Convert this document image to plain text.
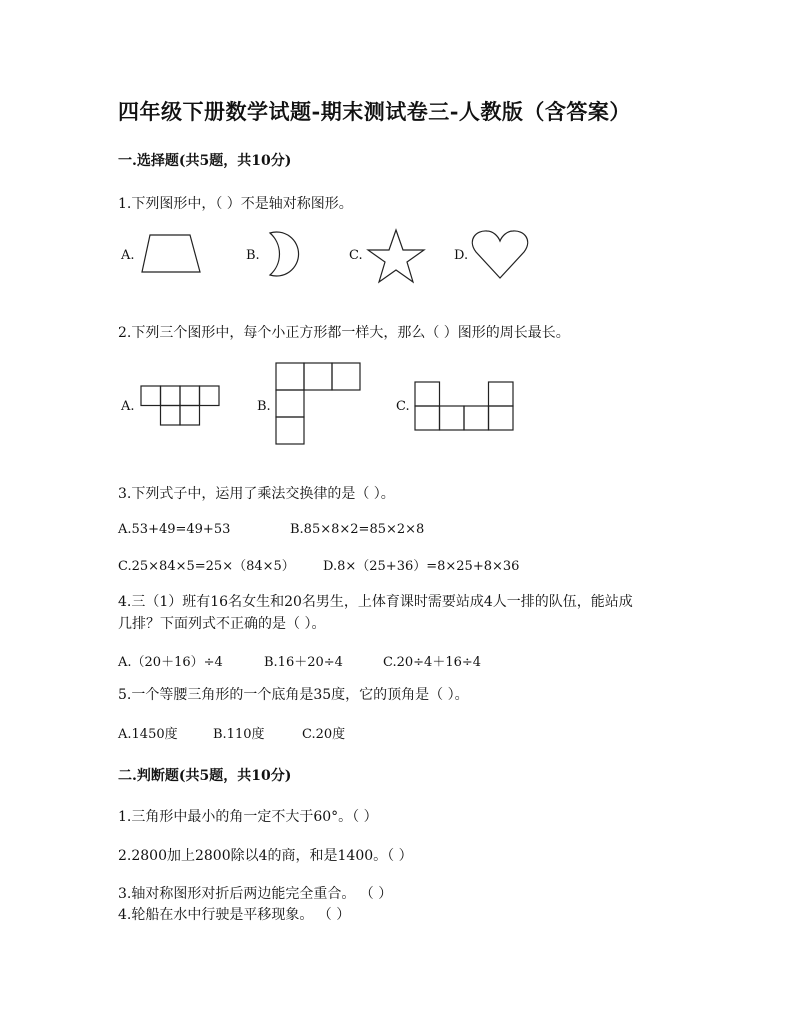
四年级下册数学试题-期末测试卷三-人教版（含答案）
一.选择题(共5题，共10分)
1.下列图形中，（ ）不是轴对称图形。
A.	B.	C.	D.
2.下列三个图形中，每个小正方形都一样大，那么（ ）图形的周长最长。
A.	B.	C.
3.下列式子中，运用了乘法交换律的是（ ）。
A.53+49=49+53	B.85×8×2=85×2×8
C.25×84×5=25×（84×5） D.8×（25+36）=8×25+8×36
4.三（1）班有16名女生和20名男生，上体育课时需要站成4人一排的队伍，能站成
几排？下面列式不正确的是（ ）。
A.（20＋16）÷4	B.16＋20÷4	C.20÷4＋16÷4
5.一个等腰三角形的一个底角是35度，它的顶角是（ ）。
A.1450度	B.110度	C.20度
二.判断题(共5题，共10分)
1.三角形中最小的角一定不大于60°。（ ）
2.2800加上2800除以4的商，和是1400。（ ）
3.轴对称图形对折后两边能完全重合。 （ ）
4.轮船在水中行驶是平移现象。 （ ）
